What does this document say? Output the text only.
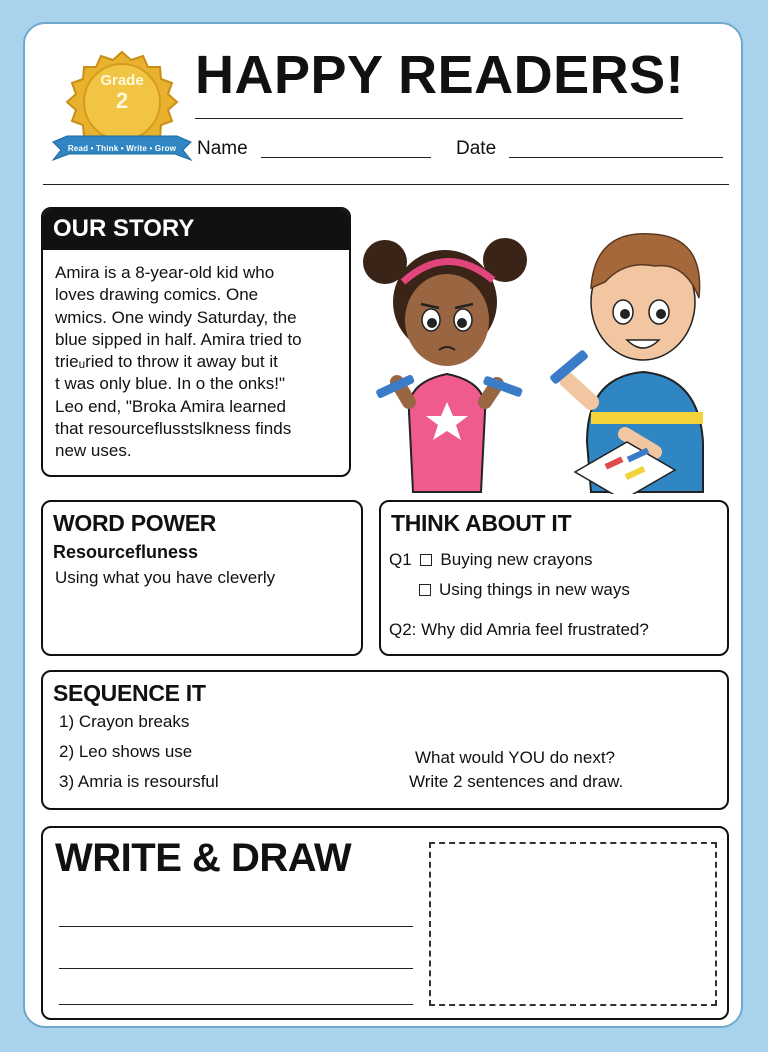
Grade
2
Read • Think • Write • Grow
HAPPY READERS!
Name	Date
OUR STORY
Amira is a 8-year-old kid who
loves drawing comics. One
wmics. One windy Saturday, the
blue sipped in half. Amira tried to
trieᵤried to throw it away but it
t was only blue. In o the onks!"
Leo end, "Broka Amira learned
that resourceflusstslkness finds
new uses.
WORD POWER
Resourcefluness
Using what you have cleverly
THINK ABOUT IT
Q1 Buying new crayons
Using things in new ways
Q2: Why did Amria feel frustrated?
SEQUENCE IT
1) Crayon breaks
2) Leo shows use
3) Amria is resoursful
What would YOU do next?
Write 2 sentences and draw.
WRITE & DRAW
